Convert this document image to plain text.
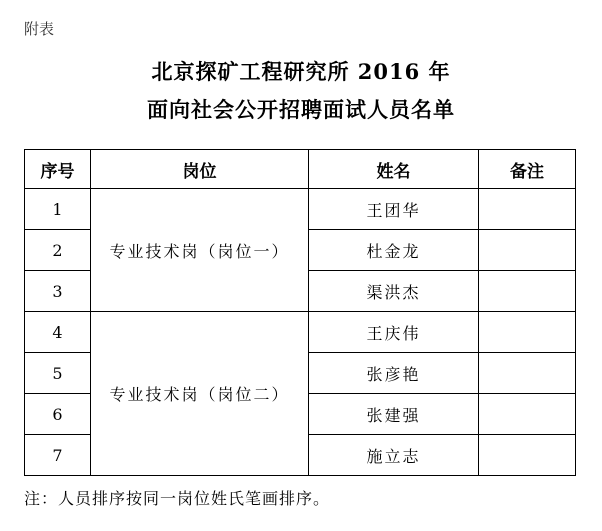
附表
北京探矿工程研究所 2016 年
面向社会公开招聘面试人员名单
序号	岗位	姓名	备注
1	专业技术岗（岗位一）	王团华	
2		杜金龙	
3		渠洪杰	
4	专业技术岗（岗位二）	王庆伟	
5		张彦艳	
6		张建强	
7		施立志	
注：人员排序按同一岗位姓氏笔画排序。
